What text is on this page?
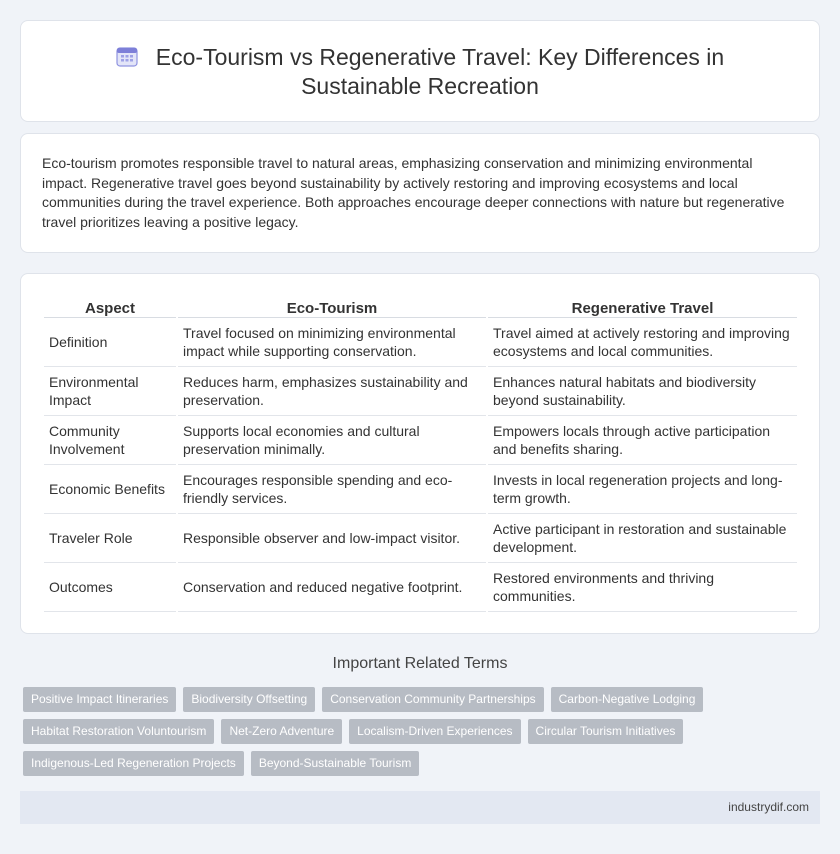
Eco-Tourism vs Regenerative Travel: Key Differences in Sustainable Recreation

Eco-tourism promotes responsible travel to natural areas, emphasizing conservation and minimizing environmental impact. Regenerative travel goes beyond sustainability by actively restoring and improving ecosystems and local communities during the travel experience. Both approaches encourage deeper connections with nature but regenerative travel prioritizes leaving a positive legacy.

Aspect	Eco-Tourism	Regenerative Travel
Definition	Travel focused on minimizing environmental impact while supporting conservation.	Travel aimed at actively restoring and improving ecosystems and local communities.
Environmental Impact	Reduces harm, emphasizes sustainability and preservation.	Enhances natural habitats and biodiversity beyond sustainability.
Community Involvement	Supports local economies and cultural preservation minimally.	Empowers locals through active participation and benefits sharing.
Economic Benefits	Encourages responsible spending and eco-friendly services.	Invests in local regeneration projects and long-term growth.
Traveler Role	Responsible observer and low-impact visitor.	Active participant in restoration and sustainable development.
Outcomes	Conservation and reduced negative footprint.	Restored environments and thriving communities.
Important Related Terms
Positive Impact Itineraries	Biodiversity Offsetting	Conservation Community Partnerships	Carbon-Negative Lodging
Habitat Restoration Voluntourism	Net-Zero Adventure	Localism-Driven Experiences	Circular Tourism Initiatives
Indigenous-Led Regeneration Projects	Beyond-Sustainable Tourism
industrydif.com
